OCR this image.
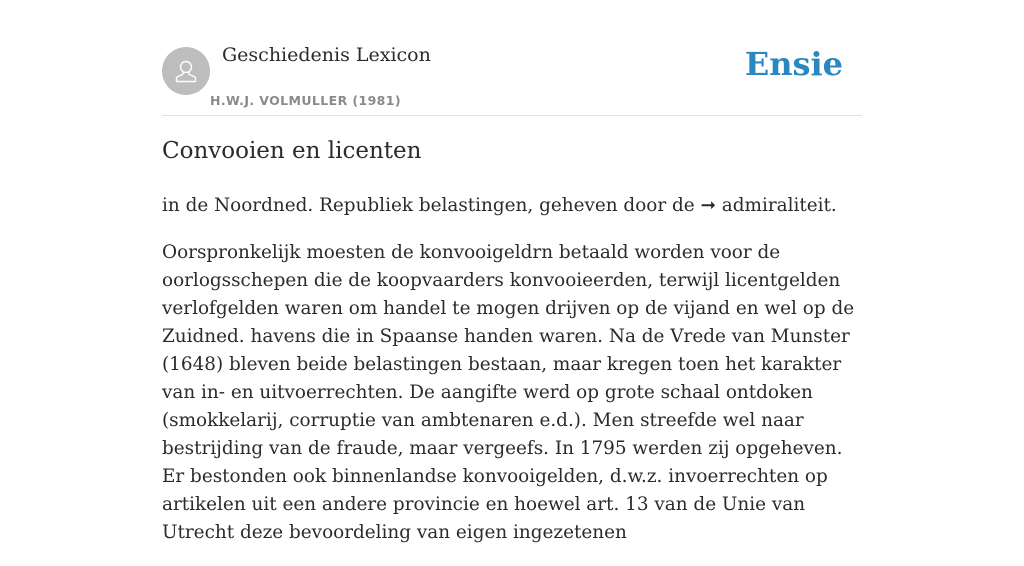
Geschiedenis Lexicon
H.W.J. VOLMULLER (1981)
Ensie
Convooien en licenten

in de Noordned. Republiek belastingen, geheven door de ➞ admiraliteit.

Oorspronkelijk moesten de konvooigeldrn betaald worden voor de oorlogsschepen die de koopvaarders konvooieerden, terwijl licentgelden verlofgelden waren om handel te mogen drijven op de vijand en wel op de Zuidned. havens die in Spaanse handen waren. Na de Vrede van Munster (1648) bleven beide belastingen bestaan, maar kregen toen het karakter van in- en uitvoerrechten. De aangifte werd op grote schaal ontdoken (smokkelarij, corruptie van ambtenaren e.d.). Men streefde wel naar bestrijding van de fraude, maar vergeefs. In 1795 werden zij opgeheven. Er bestonden ook binnenlandse konvooigelden, d.w.z. invoerrechten op artikelen uit een andere provincie en hoewel art. 13 van de Unie van Utrecht deze bevoordeling van eigen ingezetenen
